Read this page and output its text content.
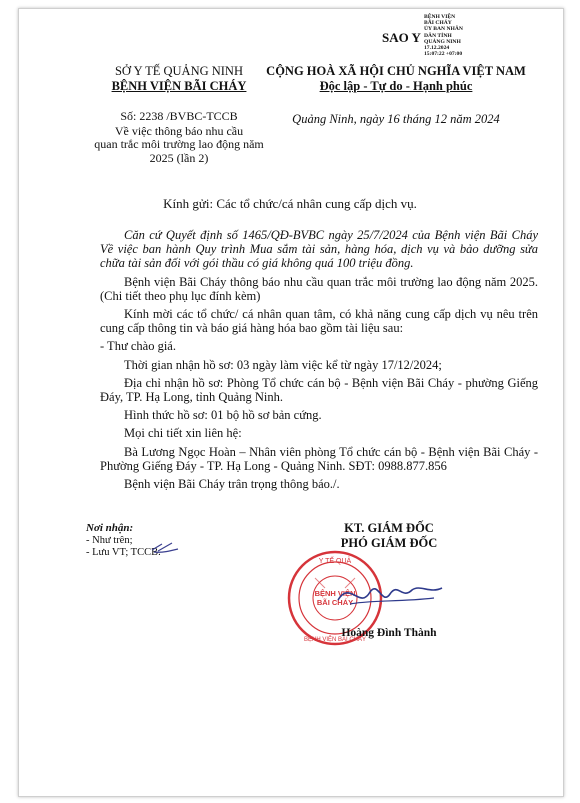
SAO Y
BỆNH VIỆN
BÃI CHÁY
ỦY BAN NHÂN
DÂN TỈNH
QUẢNG NINH
17.12.2024
15:07:22 +07:00
SỞ Y TẾ QUẢNG NINH
BỆNH VIỆN BÃI CHÁY
Số: 2238 /BVBC-TCCB
Về việc thông báo nhu cầu
quan trắc môi trường lao động năm
2025 (lần 2)
CỘNG HOÀ XÃ HỘI CHỦ NGHĨA VIỆT NAM
Độc lập - Tự do - Hạnh phúc
Quảng Ninh, ngày 16 tháng 12 năm 2024
Kính gửi: Các tổ chức/cá nhân cung cấp dịch vụ.

Căn cứ Quyết định số 1465/QĐ-BVBC ngày 25/7/2024 của Bệnh viện Bãi Cháy Về việc ban hành Quy trình Mua sắm tài sản, hàng hóa, dịch vụ và bảo dưỡng sửa chữa tài sản đối với gói thầu có giá không quá 100 triệu đồng.

Bệnh viện Bãi Cháy thông báo nhu cầu quan trắc môi trường lao động năm 2025. (Chi tiết theo phụ lục đính kèm)

Kính mời các tổ chức/ cá nhân quan tâm, có khả năng cung cấp dịch vụ nêu trên cung cấp thông tin và báo giá hàng hóa bao gồm tài liệu sau:

- Thư chào giá.

Thời gian nhận hồ sơ: 03 ngày làm việc kể từ ngày 17/12/2024;

Địa chỉ nhận hồ sơ: Phòng Tổ chức cán bộ - Bệnh viện Bãi Cháy - phường Giếng Đáy, TP. Hạ Long, tỉnh Quảng Ninh.

Hình thức hồ sơ: 01 bộ hồ sơ bản cứng.

Mọi chi tiết xin liên hệ:

Bà Lương Ngọc Hoàn – Nhân viên phòng Tổ chức cán bộ - Bệnh viện Bãi Cháy - Phường Giếng Đáy - TP. Hạ Long - Quảng Ninh. SĐT: 0988.877.856

Bệnh viện Bãi Cháy trân trọng thông báo./.

Nơi nhận:
- Như trên;
- Lưu VT; TCCB.
KT. GIÁM ĐỐC
PHÓ GIÁM ĐỐC
Y TẾ QUẢ
BỆNH VIỆN
BÃI CHÁY
BỆNH VIỆN BÃI CHÁY
Hoàng Đình Thành
